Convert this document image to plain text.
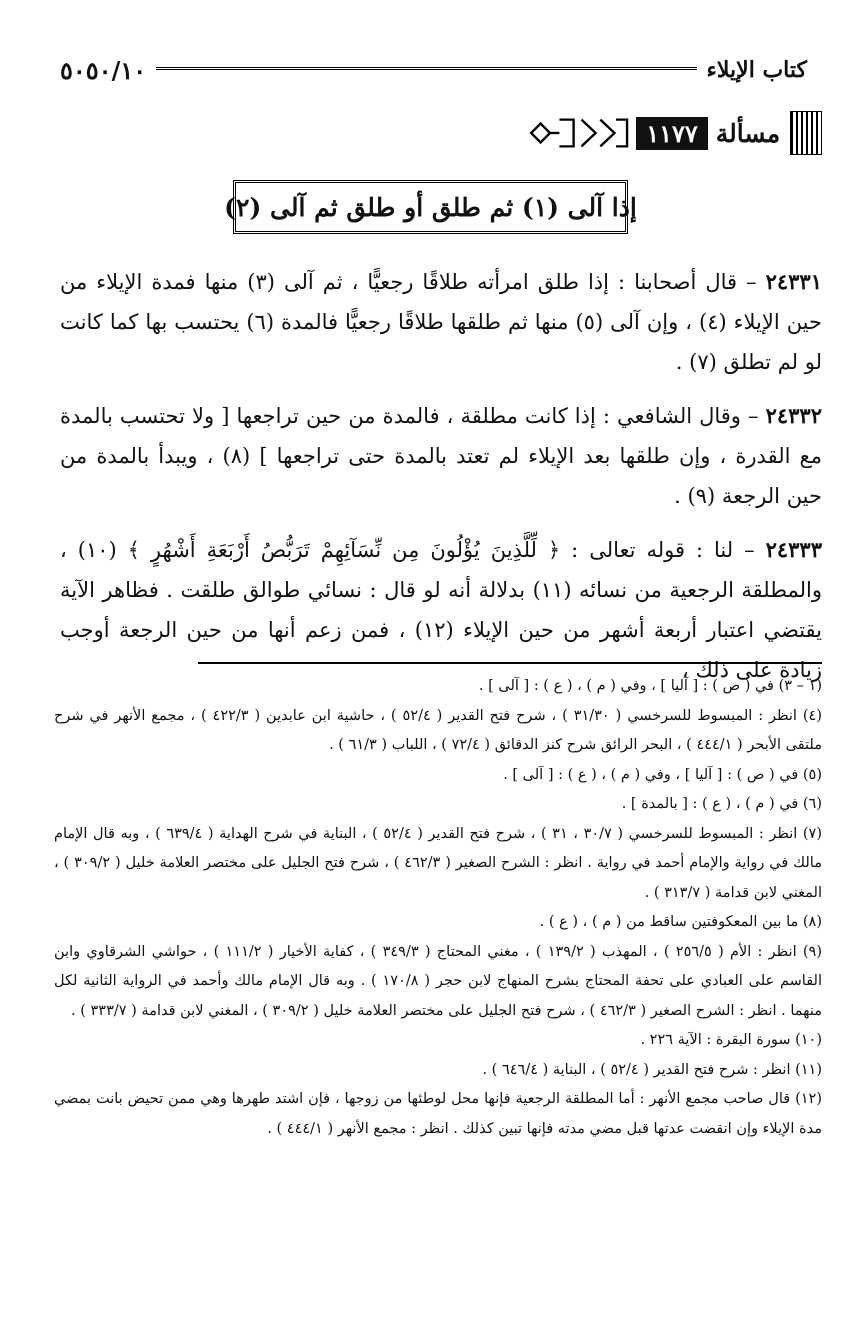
كتاب الإيلاء
٥٠٥٠/١٠
مسألة
١١٧٧
إذا آلى (١) ثم طلق أو طلق ثم آلى (٢)

٢٤٣٣١ – قال أصحابنا : إذا طلق امرأته طلاقًا رجعيًّا ، ثم آلى (٣) منها فمدة الإيلاء من حين الإيلاء (٤) ، وإن آلى (٥) منها ثم طلقها طلاقًا رجعيًّا فالمدة (٦) يحتسب بها كما كانت لو لم تطلق (٧) .

٢٤٣٣٢ – وقال الشافعي : إذا كانت مطلقة ، فالمدة من حين تراجعها [ ولا تحتسب بالمدة مع القدرة ، وإن طلقها بعد الإيلاء لم تعتد بالمدة حتى تراجعها ] (٨) ، ويبدأ بالمدة من حين الرجعة (٩) .

٢٤٣٣٣ – لنا : قوله تعالى : ﴿ لِّلَّذِينَ يُؤْلُونَ مِن نِّسَآئِهِمْ تَرَبُّصُ أَرْبَعَةِ أَشْهُرٍ ﴾ (١٠) ، والمطلقة الرجعية من نسائه (١١) بدلالة أنه لو قال : نسائي طوالق طلقت . فظاهر الآية يقتضي اعتبار أربعة أشهر من حين الإيلاء (١٢) ، فمن زعم أنها من حين الرجعة أوجب زيادة على ذلك ،

(١ – ٣) في ( ص ) : [ آليا ] ، وفي ( م ) ، ( ع ) : [ آلى ] .

(٤) انظر : المبسوط للسرخسي ( ٣١/٣٠ ) ، شرح فتح القدير ( ٥٢/٤ ) ، حاشية ابن عابدين ( ٤٢٢/٣ ) ، مجمع الأنهر في شرح ملتقى الأبحر ( ٤٤٤/١ ) ، البحر الرائق شرح كنز الدقائق ( ٧٢/٤ ) ، اللباب ( ٦١/٣ ) .

(٥) في ( ص ) : [ آليا ] ، وفي ( م ) ، ( ع ) : [ آلى ] .

(٦) في ( م ) ، ( ع ) : [ بالمدة ] .

(٧) انظر : المبسوط للسرخسي ( ٣٠/٧ ، ٣١ ) ، شرح فتح القدير ( ٥٢/٤ ) ، البناية في شرح الهداية ( ٦٣٩/٤ ) ، وبه قال الإمام مالك في رواية والإمام أحمد في رواية . انظر : الشرح الصغير ( ٤٦٢/٣ ) ، شرح فتح الجليل على مختصر العلامة خليل ( ٣٠٩/٢ ) ، المغني لابن قدامة ( ٣١٣/٧ ) .

(٨) ما بين المعكوفتين ساقط من ( م ) ، ( ع ) .

(٩) انظر : الأم ( ٢٥٦/٥ ) ، المهذب ( ١٣٩/٢ ) ، مغني المحتاج ( ٣٤٩/٣ ) ، كفاية الأخيار ( ١١١/٢ ) ، حواشي الشرقاوي وابن القاسم على العبادي على تحفة المحتاج بشرح المنهاج لابن حجر ( ١٧٠/٨ ) . وبه قال الإمام مالك وأحمد في الرواية الثانية لكل منهما . انظر : الشرح الصغير ( ٤٦٢/٣ ) ، شرح فتح الجليل على مختصر العلامة خليل ( ٣٠٩/٢ ) ، المغني لابن قدامة ( ٣٣٣/٧ ) .

(١٠) سورة البقرة : الآية ٢٢٦ .

(١١) انظر : شرح فتح القدير ( ٥٢/٤ ) ، البناية ( ٦٤٦/٤ ) .

(١٢) قال صاحب مجمع الأنهر : أما المطلقة الرجعية فإنها محل لوطئها من زوجها ، فإن اشتد طهرها وهي ممن تحيض بانت بمضي مدة الإيلاء وإن انقضت عدتها قبل مضي مدته فإنها تبين كذلك . انظر : مجمع الأنهر ( ٤٤٤/١ ) .
